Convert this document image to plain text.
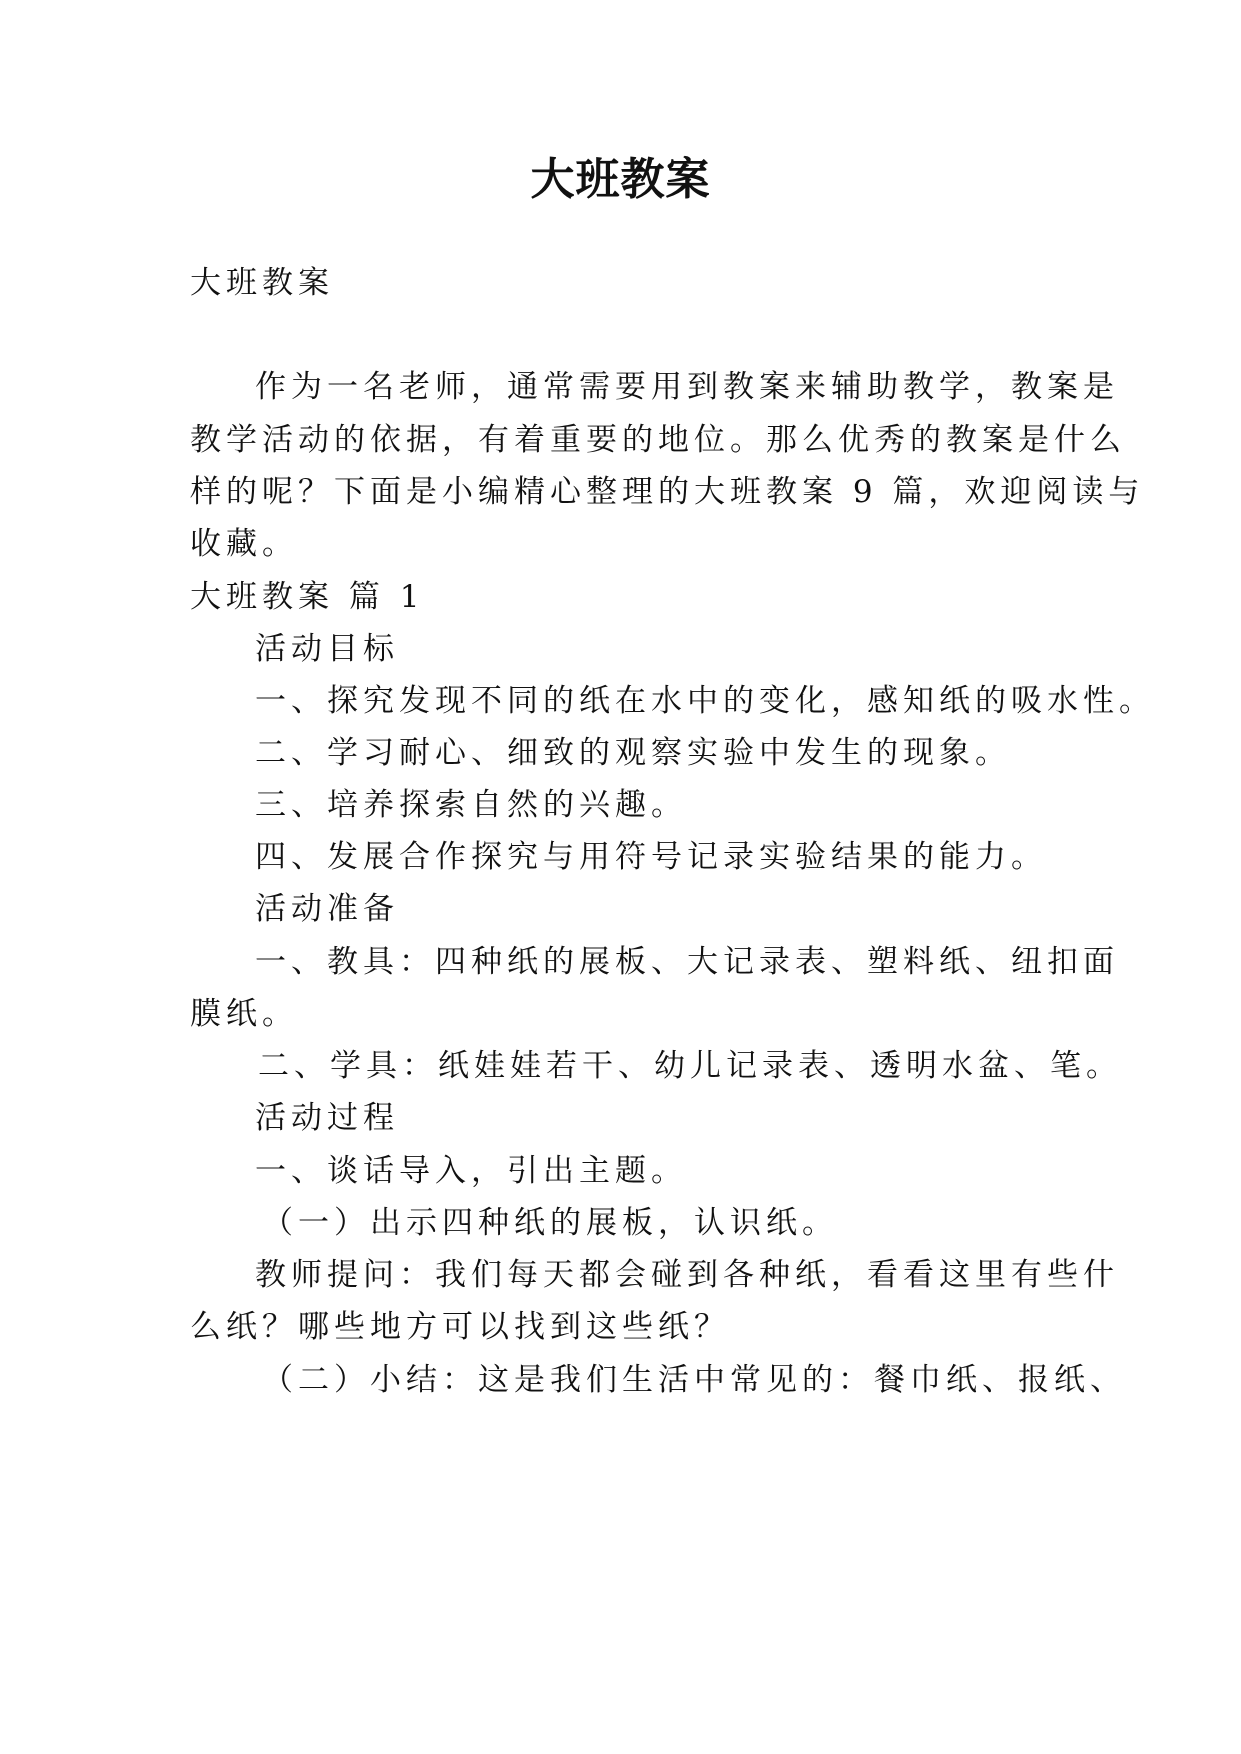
大班教案
大班教案
作为一名老师，通常需要用到教案来辅助教学，教案是
教学活动的依据，有着重要的地位。那么优秀的教案是什么
样的呢？下面是小编精心整理的大班教案 9 篇，欢迎阅读与
收藏。
大班教案 篇 1
活动目标
一、探究发现不同的纸在水中的变化，感知纸的吸水性。
二、学习耐心、细致的观察实验中发生的现象。
三、培养探索自然的兴趣。
四、发展合作探究与用符号记录实验结果的能力。
活动准备
一、教具：四种纸的展板、大记录表、塑料纸、纽扣面
膜纸。
二、学具：纸娃娃若干、幼儿记录表、透明水盆、笔。
活动过程
一、谈话导入，引出主题。
（一）出示四种纸的展板，认识纸。
教师提问：我们每天都会碰到各种纸，看看这里有些什
么纸？哪些地方可以找到这些纸？
（二）小结：这是我们生活中常见的：餐巾纸、报纸、
